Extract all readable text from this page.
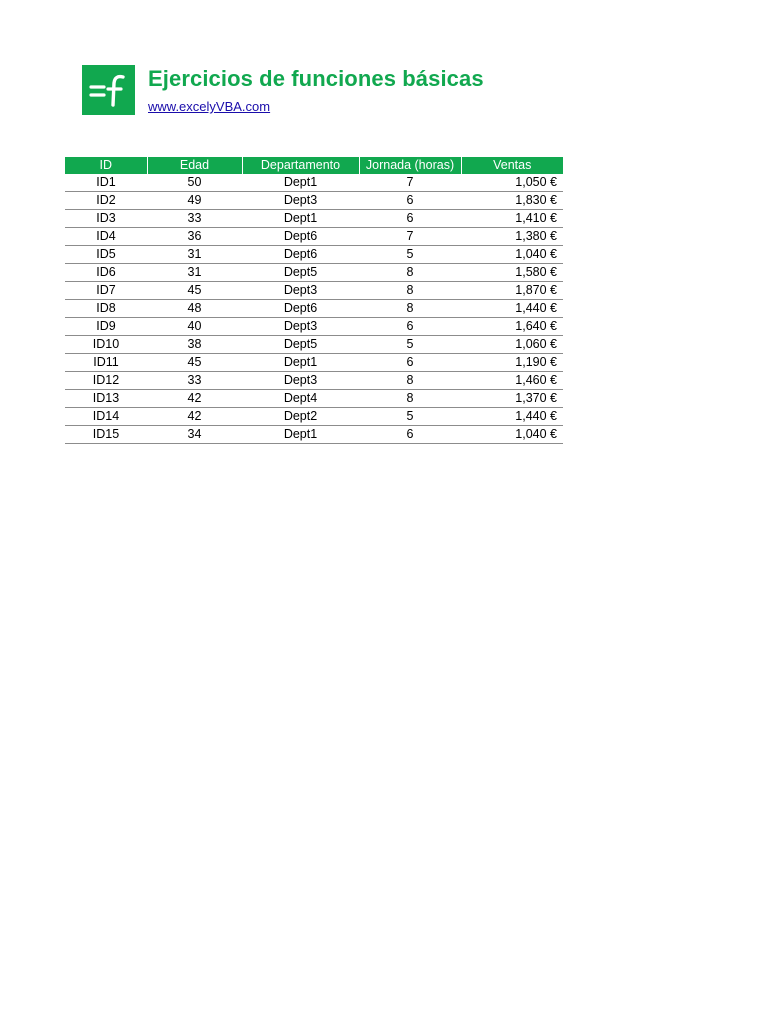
Ejercicios de funciones básicas
www.excelyVBA.com
ID	Edad	Departamento	Jornada (horas)	Ventas
ID1	50	Dept1	7	1,050 €
ID2	49	Dept3	6	1,830 €
ID3	33	Dept1	6	1,410 €
ID4	36	Dept6	7	1,380 €
ID5	31	Dept6	5	1,040 €
ID6	31	Dept5	8	1,580 €
ID7	45	Dept3	8	1,870 €
ID8	48	Dept6	8	1,440 €
ID9	40	Dept3	6	1,640 €
ID10	38	Dept5	5	1,060 €
ID11	45	Dept1	6	1,190 €
ID12	33	Dept3	8	1,460 €
ID13	42	Dept4	8	1,370 €
ID14	42	Dept2	5	1,440 €
ID15	34	Dept1	6	1,040 €
